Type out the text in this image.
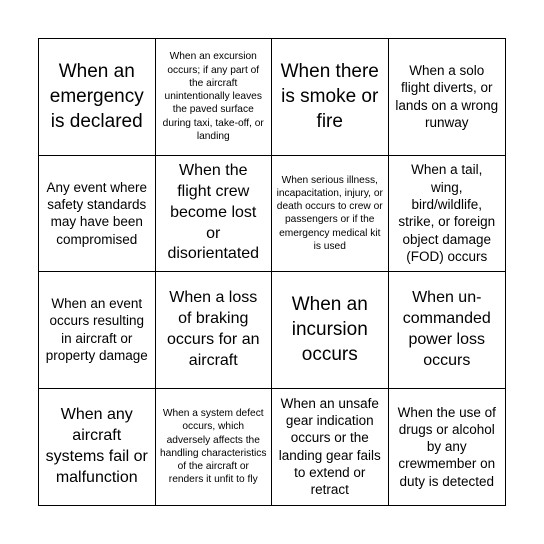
When an emergency is declared
When an excursion occurs; if any part of the aircraft unintentionally leaves the paved surface during taxi, take-off, or landing
When there is smoke or fire
When a solo flight diverts, or lands on a wrong runway
Any event where safety standards may have been compromised
When the flight crew become lost or disorientated
When serious illness, incapacitation, injury, or death occurs to crew or passengers or if the emergency medical kit is used
When a tail, wing, bird/wildlife, strike, or foreign object damage (FOD) occurs
When an event occurs resulting in aircraft or property damage
When a loss of braking occurs for an aircraft
When an incursion occurs
When un-commanded power loss occurs
When any aircraft systems fail or malfunction
When a system defect occurs, which adversely affects the handling characteristics of the aircraft or renders it unfit to fly
When an unsafe gear indication occurs or the landing gear fails to extend or retract
When the use of drugs or alcohol by any crewmember on duty is detected
